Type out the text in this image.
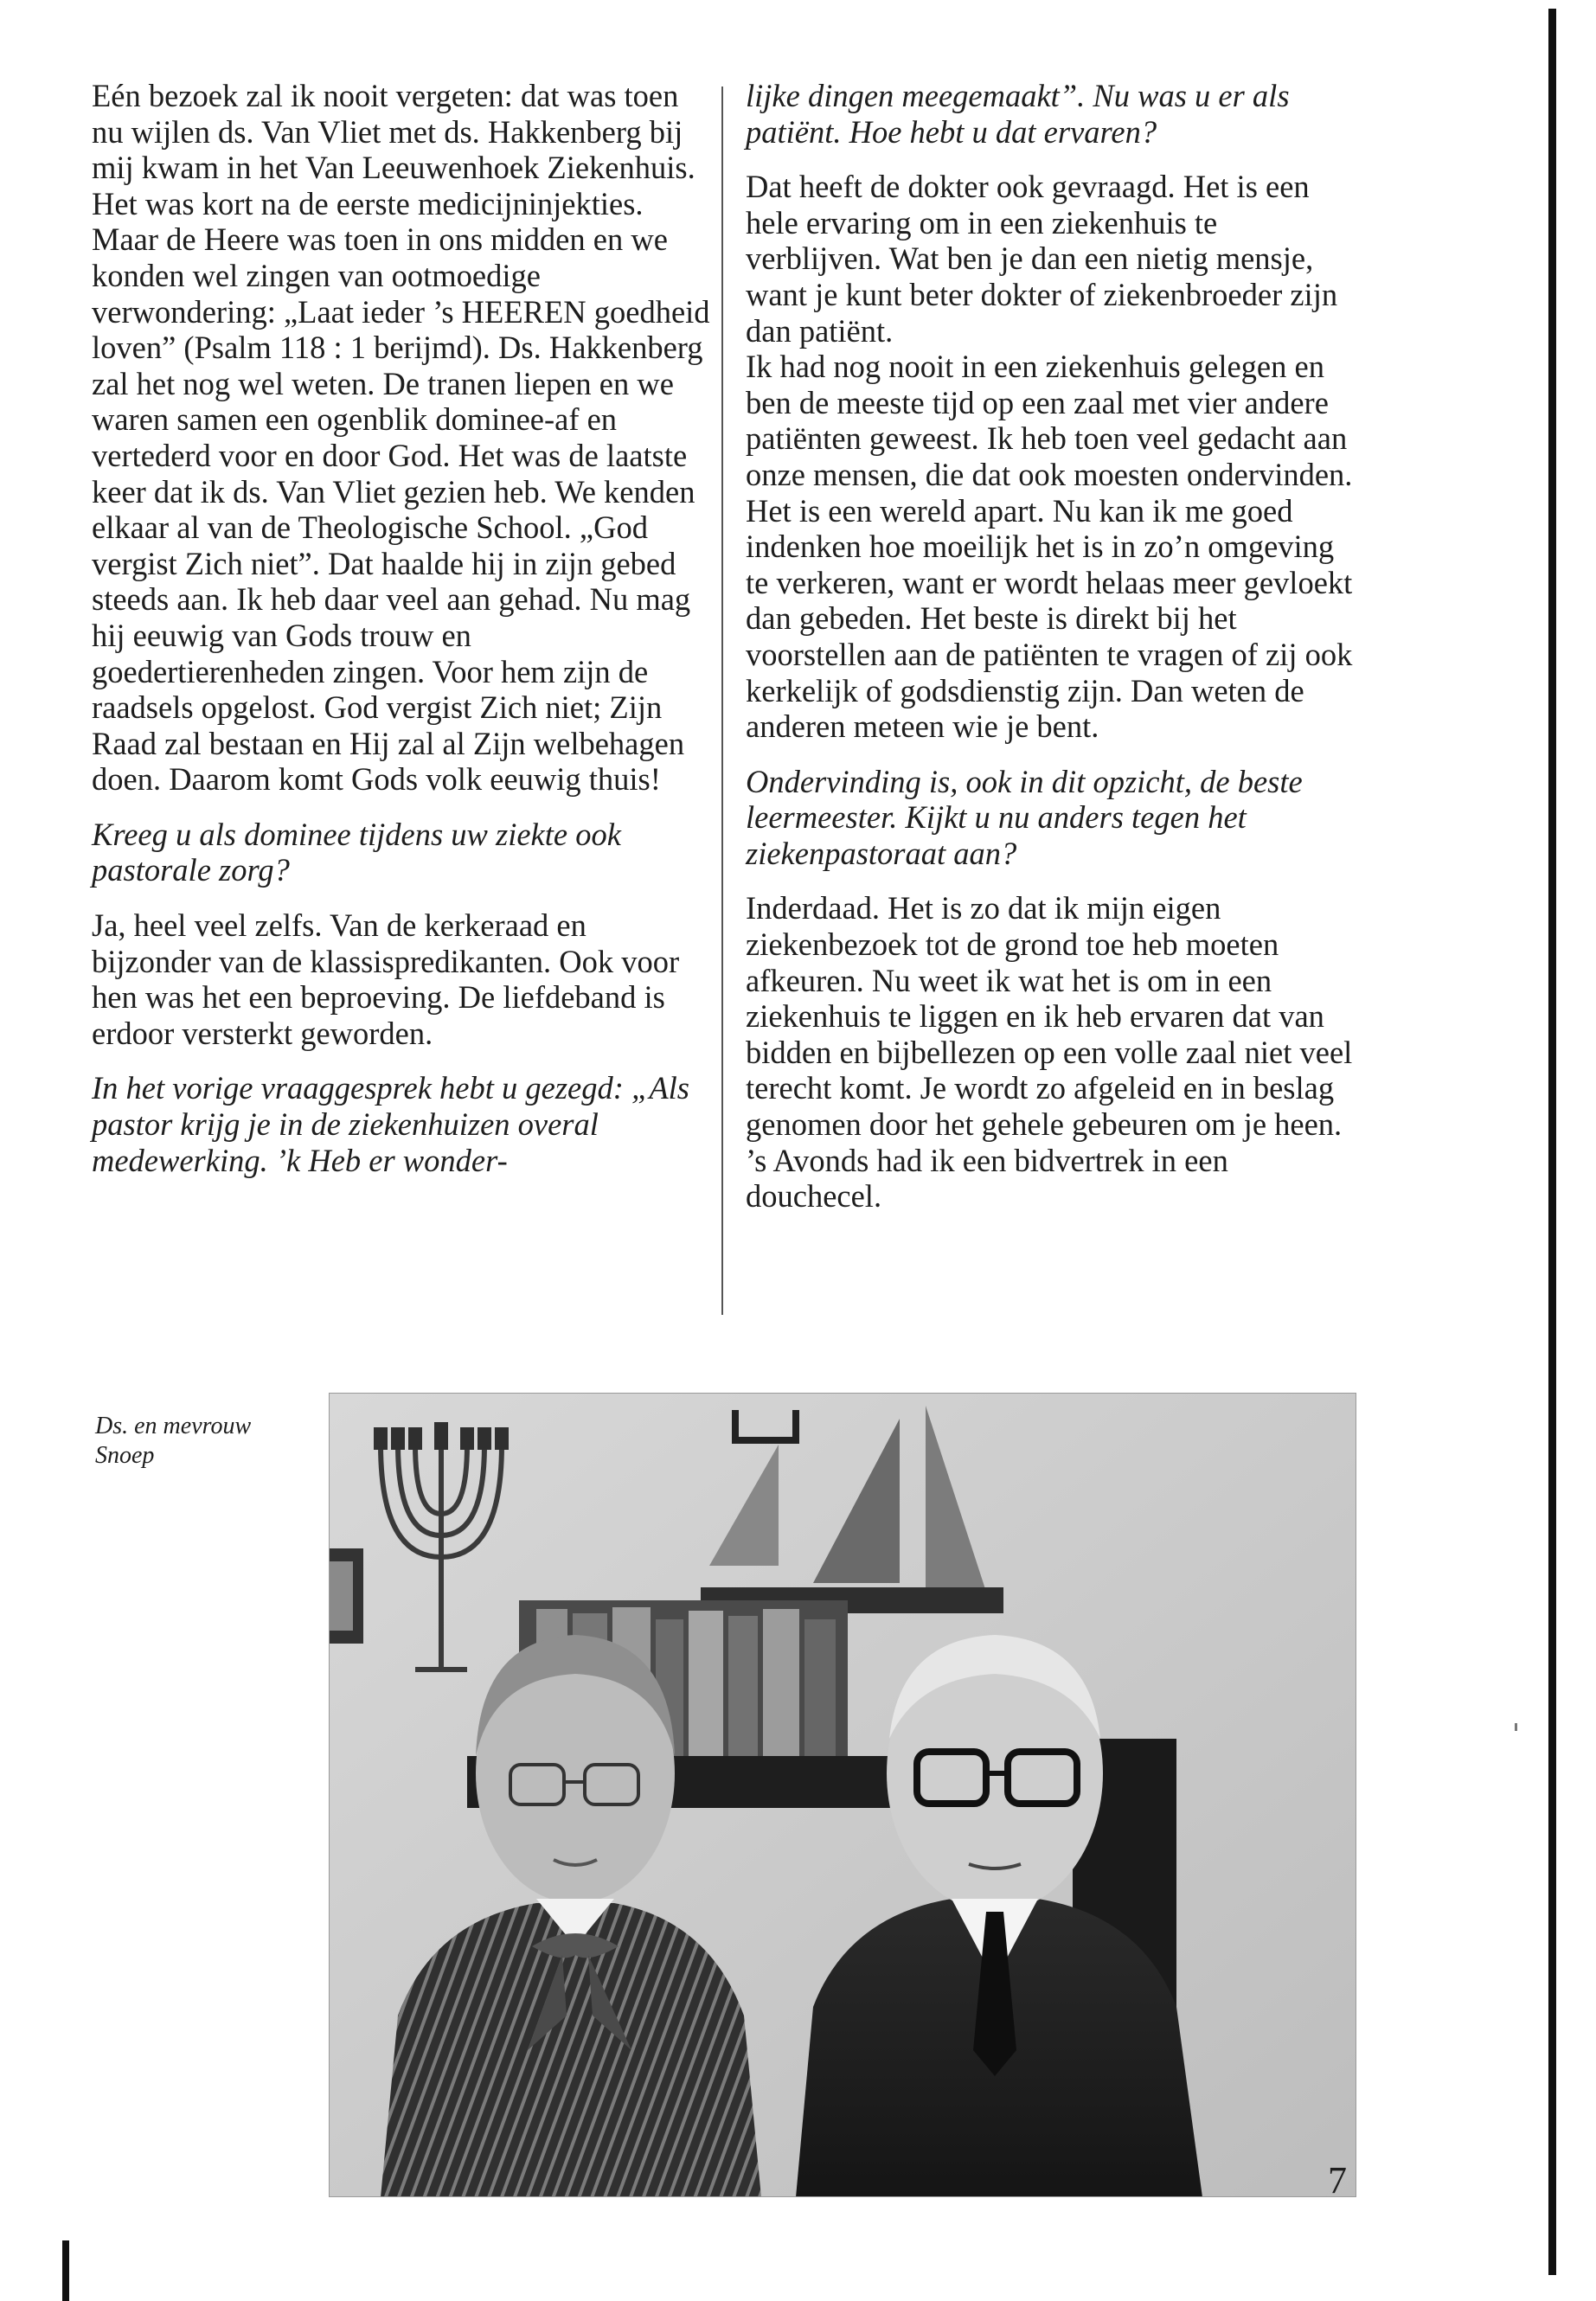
Eén bezoek zal ik nooit vergeten: dat was toen nu wijlen ds. Van Vliet met ds. Hakkenberg bij mij kwam in het Van Leeuwenhoek Ziekenhuis. Het was kort na de eerste medicijninjekties. Maar de Heere was toen in ons midden en we konden wel zingen van ootmoedige verwondering: „Laat ieder ’s HEEREN goedheid loven” (Psalm 118 : 1 berijmd). Ds. Hakkenberg zal het nog wel weten. De tranen liepen en we waren samen een ogenblik dominee-af en vertederd voor en door God. Het was de laatste keer dat ik ds. Van Vliet gezien heb. We kenden elkaar al van de Theologische School. „God vergist Zich niet”. Dat haalde hij in zijn gebed steeds aan. Ik heb daar veel aan gehad. Nu mag hij eeuwig van Gods trouw en goedertierenheden zingen. Voor hem zijn de raadsels opgelost. God vergist Zich niet; Zijn Raad zal bestaan en Hij zal al Zijn welbehagen doen. Daarom komt Gods volk eeuwig thuis!

Kreeg u als dominee tijdens uw ziekte ook pastorale zorg?

Ja, heel veel zelfs. Van de kerkeraad en bijzonder van de klassispredikanten. Ook voor hen was het een beproeving. De liefdeband is erdoor versterkt geworden.

In het vorige vraaggesprek hebt u gezegd: „Als pastor krijg je in de ziekenhuizen overal medewerking. ’k Heb er wonder-

lijke dingen meegemaakt”. Nu was u er als patiënt. Hoe hebt u dat ervaren?

Dat heeft de dokter ook gevraagd. Het is een hele ervaring om in een ziekenhuis te verblijven. Wat ben je dan een nietig mensje, want je kunt beter dokter of ziekenbroeder zijn dan patiënt.

Ik had nog nooit in een ziekenhuis gelegen en ben de meeste tijd op een zaal met vier andere patiënten geweest. Ik heb toen veel gedacht aan onze mensen, die dat ook moesten ondervinden. Het is een wereld apart. Nu kan ik me goed indenken hoe moeilijk het is in zo’n omgeving te verkeren, want er wordt helaas meer gevloekt dan gebeden. Het beste is direkt bij het voorstellen aan de patiënten te vragen of zij ook kerkelijk of godsdienstig zijn. Dan weten de anderen meteen wie je bent.

Ondervinding is, ook in dit opzicht, de beste leermeester. Kijkt u nu anders tegen het ziekenpastoraat aan?

Inderdaad. Het is zo dat ik mijn eigen ziekenbezoek tot de grond toe heb moeten afkeuren. Nu weet ik wat het is om in een ziekenhuis te liggen en ik heb ervaren dat van bidden en bijbellezen op een volle zaal niet veel terecht komt. Je wordt zo afgeleid en in beslag genomen door het gehele gebeuren om je heen. ’s Avonds had ik een bidvertrek in een douchecel.

Ds. en mevrouw
Snoep
7
